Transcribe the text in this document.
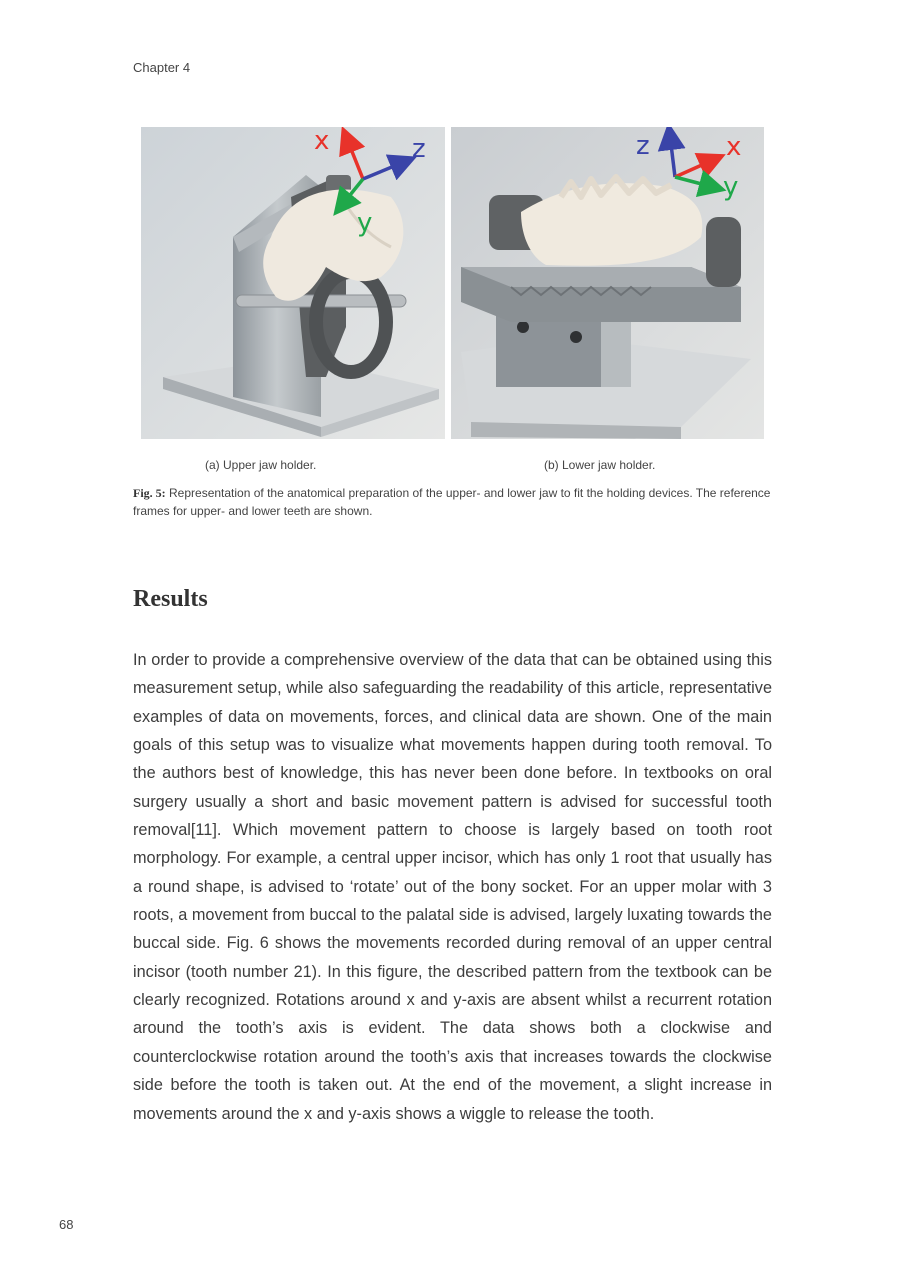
Chapter 4
x	z
y
z	x
y
(a) Upper jaw holder.	(b) Lower jaw holder.
Fig. 5: Representation of the anatomical preparation of the upper- and lower jaw to fit the holding devices. The reference frames for upper- and lower teeth are shown.
Results

In order to provide a comprehensive overview of the data that can be obtained using this measurement setup, while also safeguarding the readability of this article, representative examples of data on movements, forces, and clinical data are shown. One of the main goals of this setup was to visualize what movements happen during tooth removal. To the authors best of knowledge, this has never been done before. In textbooks on oral surgery usually a short and basic movement pattern is advised for successful tooth removal[11]. Which movement pattern to choose is largely based on tooth root morphology. For example, a central upper incisor, which has only 1 root that usually has a round shape, is advised to ‘rotate’ out of the bony socket. For an upper molar with 3 roots, a movement from buccal to the palatal side is advised, largely luxating towards the buccal side. Fig. 6 shows the movements recorded during removal of an upper central incisor (tooth number 21). In this figure, the described pattern from the textbook can be clearly recognized. Rotations around x and y-axis are absent whilst a recurrent rotation around the tooth’s axis is evident. The data shows both a clockwise and counterclockwise rotation around the tooth’s axis that increases towards the clockwise side before the tooth is taken out. At the end of the movement, a slight increase in movements around the x and y-axis shows a wiggle to release the tooth.

68
